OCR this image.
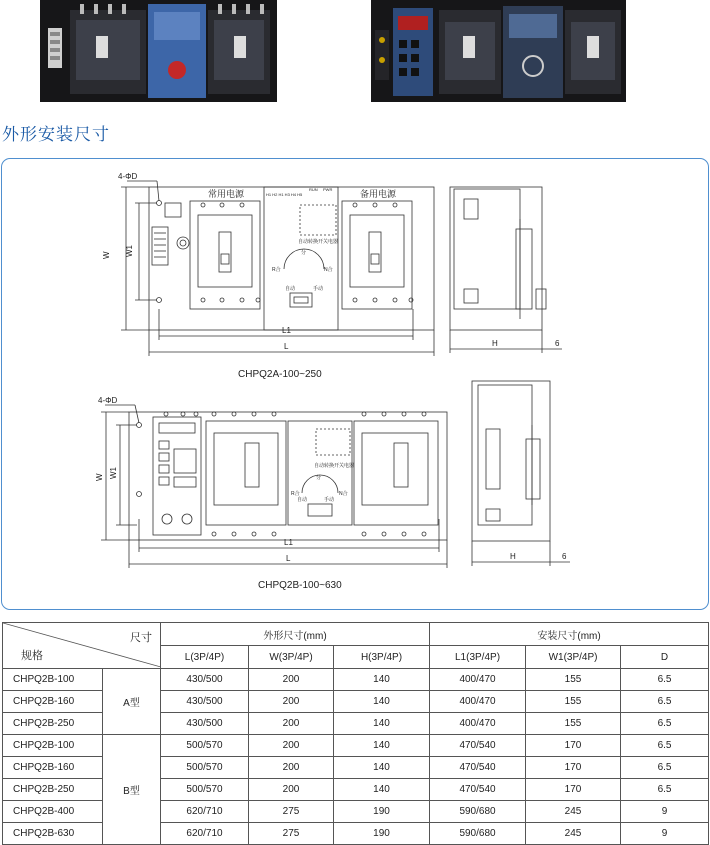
外形安装尺寸
4-ΦD
常用电源	备用电源
H1 H2 H1 H3 H4 H5
RUN PWR
自动转换开关电器
R合
分
N合
自动	手动
L1
L
W W1
H	6
4-ΦD
自动转换开关电器
R合
分
N合
自动	手动
L1
L
W W1
H	6
CHPQ2A-100~250
CHPQ2B-100~630
尺寸
规格		外形尺寸(mm)			安装尺寸(mm)		
		L(3P/4P)	W(3P/4P)	H(3P/4P)	L1(3P/4P)	W1(3P/4P)	D
CHPQ2B-100	A型	430/500	200	140	400/470	155	6.5
CHPQ2B-160		430/500	200	140	400/470	155	6.5
CHPQ2B-250		430/500	200	140	400/470	155	6.5
CHPQ2B-100	B型	500/570	200	140	470/540	170	6.5
CHPQ2B-160		500/570	200	140	470/540	170	6.5
CHPQ2B-250		500/570	200	140	470/540	170	6.5
CHPQ2B-400		620/710	275	190	590/680	245	9
CHPQ2B-630		620/710	275	190	590/680	245	9
